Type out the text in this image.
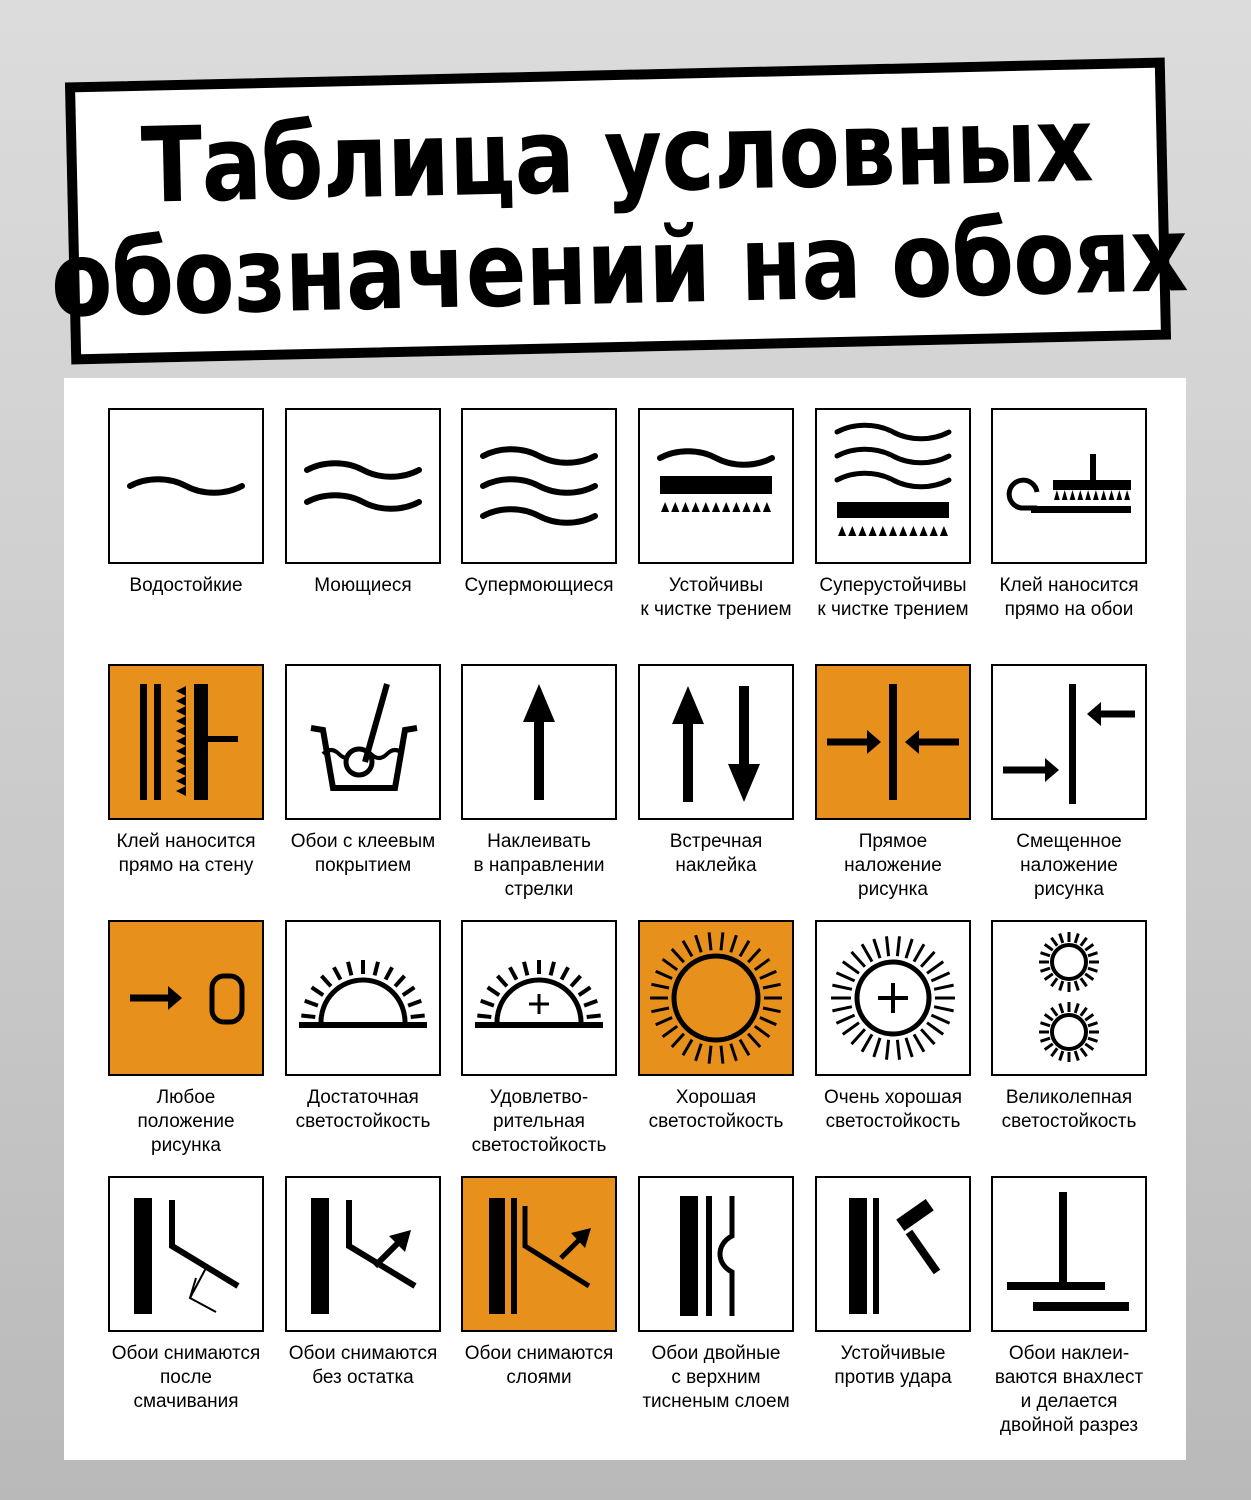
Таблица условных
обозначений на обоях
Водостойкие	Моющиеся	Супермоющиеся	Устойчивы
к чистке трением
Суперустойчивы
к чистке трением
Клей наносится
прямо на обои
Клей наносится
прямо на стену
Обои с клеевым
покрытием
Наклеивать
в направлении
стрелки
Встречная
наклейка
Прямое
наложение
рисунка
Смещенное
наложение
рисунка
Любое
положение
рисунка
Достаточная
светостойкость
Удовлетво-
рительная
светостойкость
Хорошая
светостойкость
Очень хорошая
светостойкость
Великолепная
светостойкость
Обои снимаются
после
смачивания
Обои снимаются
без остатка
Обои снимаются
слоями
Обои двойные
с верхним
тисненым слоем
Устойчивые
против удара
Обои наклеи-
ваются внахлест
и делается
двойной разрез
